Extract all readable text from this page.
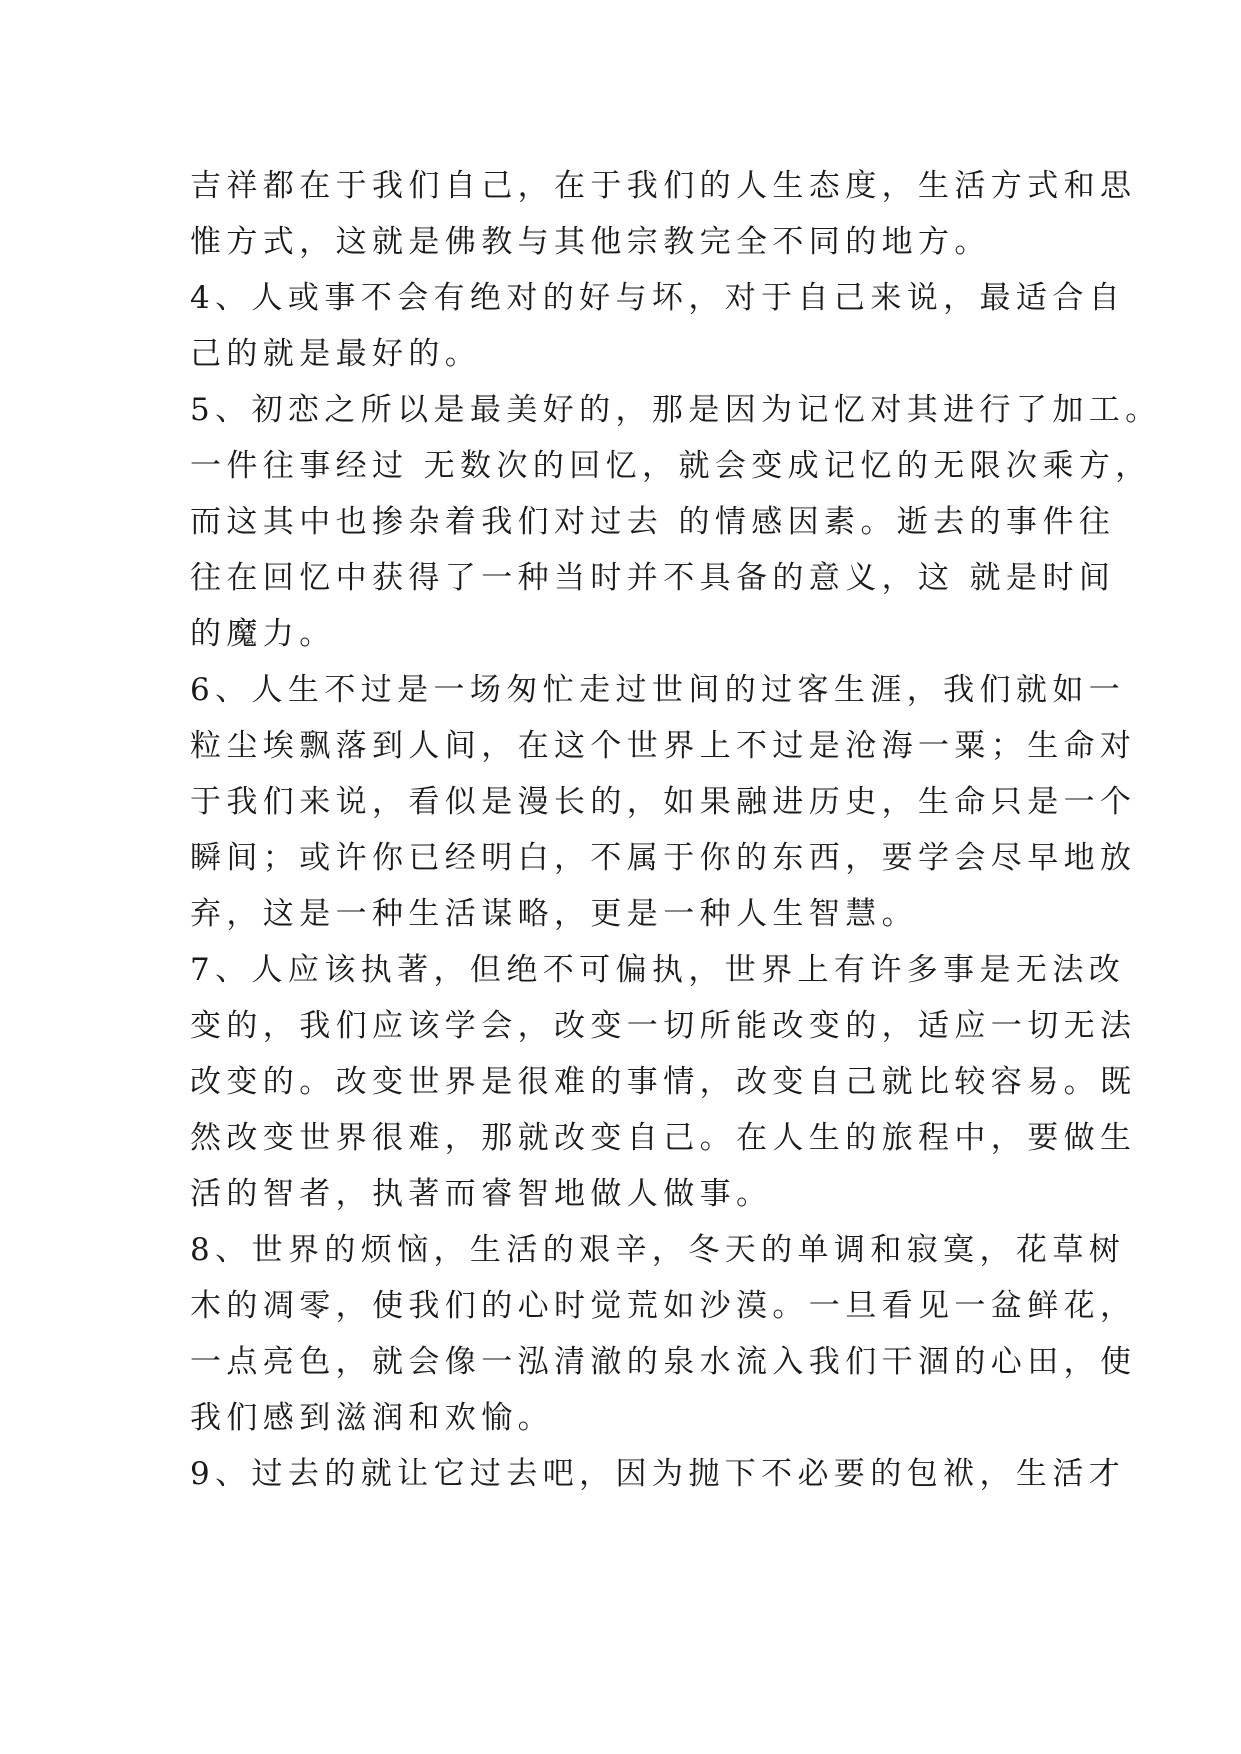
吉祥都在于我们自己，在于我们的人生态度，生活方式和思
惟方式，这就是佛教与其他宗教完全不同的地方。
4、人或事不会有绝对的好与坏，对于自己来说，最适合自
己的就是最好的。
5、初恋之所以是最美好的，那是因为记忆对其进行了加工。
一件往事经过 无数次的回忆，就会变成记忆的无限次乘方，
而这其中也掺杂着我们对过去 的情感因素。逝去的事件往
往在回忆中获得了一种当时并不具备的意义，这 就是时间
的魔力。
6、人生不过是一场匆忙走过世间的过客生涯，我们就如一
粒尘埃飘落到人间，在这个世界上不过是沧海一粟；生命对
于我们来说，看似是漫长的，如果融进历史，生命只是一个
瞬间；或许你已经明白，不属于你的东西，要学会尽早地放
弃，这是一种生活谋略，更是一种人生智慧。
7、人应该执著，但绝不可偏执，世界上有许多事是无法改
变的，我们应该学会，改变一切所能改变的，适应一切无法
改变的。改变世界是很难的事情，改变自己就比较容易。既
然改变世界很难，那就改变自己。在人生的旅程中，要做生
活的智者，执著而睿智地做人做事。
8、世界的烦恼，生活的艰辛，冬天的单调和寂寞，花草树
木的凋零，使我们的心时觉荒如沙漠。一旦看见一盆鲜花，
一点亮色，就会像一泓清澈的泉水流入我们干涸的心田，使
我们感到滋润和欢愉。
9、过去的就让它过去吧，因为抛下不必要的包袱，生活才
